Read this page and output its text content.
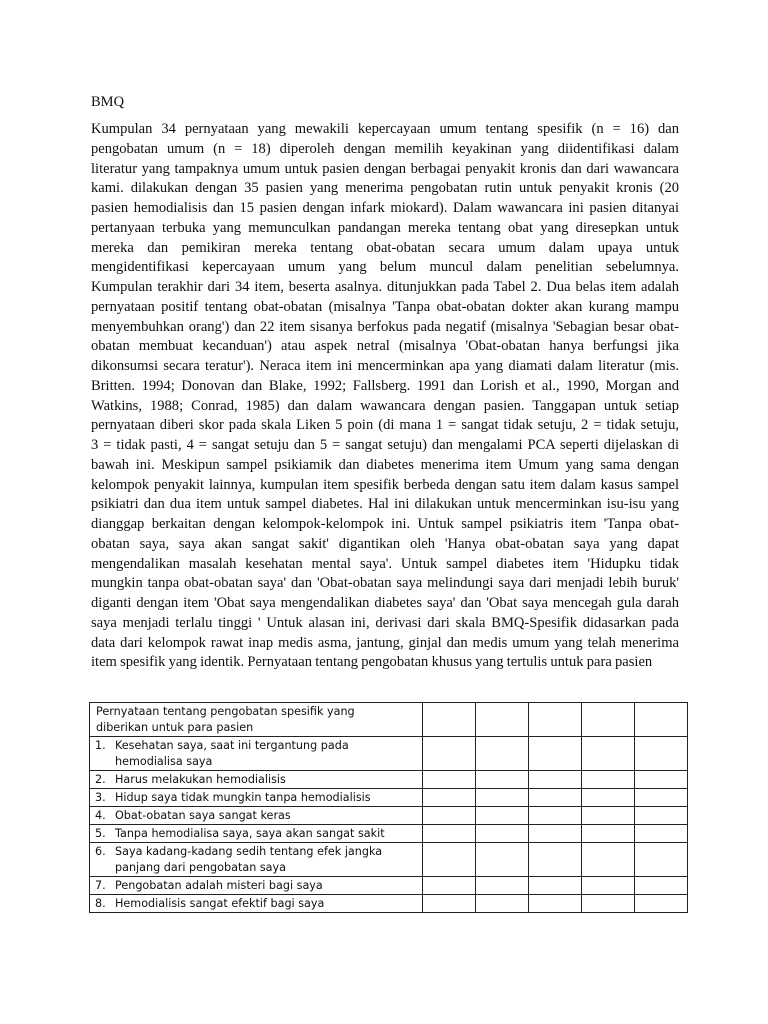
BMQ
Kumpulan 34 pernyataan yang mewakili kepercayaan umum tentang spesifik (n = 16) dan
pengobatan umum (n = 18) diperoleh dengan memilih keyakinan yang diidentifikasi dalam
literatur yang tampaknya umum untuk pasien dengan berbagai penyakit kronis dan dari wawancara
kami. dilakukan dengan 35 pasien yang menerima pengobatan rutin untuk penyakit kronis (20
pasien hemodialisis dan 15 pasien dengan infark miokard). Dalam wawancara ini pasien ditanyai
pertanyaan terbuka yang memunculkan pandangan mereka tentang obat yang diresepkan untuk
mereka dan pemikiran mereka tentang obat-obatan secara umum dalam upaya untuk
mengidentifikasi kepercayaan umum yang belum muncul dalam penelitian sebelumnya.
Kumpulan terakhir dari 34 item, beserta asalnya. ditunjukkan pada Tabel 2. Dua belas item adalah
pernyataan positif tentang obat-obatan (misalnya 'Tanpa obat-obatan dokter akan kurang mampu
menyembuhkan orang') dan 22 item sisanya berfokus pada negatif (misalnya 'Sebagian besar obat-
obatan membuat kecanduan') atau aspek netral (misalnya 'Obat-obatan hanya berfungsi jika
dikonsumsi secara teratur'). Neraca item ini mencerminkan apa yang diamati dalam literatur (mis.
Britten. 1994; Donovan dan Blake, 1992; Fallsberg. 1991 dan Lorish et al., 1990, Morgan and
Watkins, 1988; Conrad, 1985) dan dalam wawancara dengan pasien. Tanggapan untuk setiap
pernyataan diberi skor pada skala Liken 5 poin (di mana 1 = sangat tidak setuju, 2 = tidak setuju,
3 = tidak pasti, 4 = sangat setuju dan 5 = sangat setuju) dan mengalami PCA seperti dijelaskan di
bawah ini. Meskipun sampel psikiamik dan diabetes menerima item Umum yang sama dengan
kelompok penyakit lainnya, kumpulan item spesifik berbeda dengan satu item dalam kasus sampel
psikiatri dan dua item untuk sampel diabetes. Hal ini dilakukan untuk mencerminkan isu-isu yang
dianggap berkaitan dengan kelompok-kelompok ini. Untuk sampel psikiatris item 'Tanpa obat-
obatan saya, saya akan sangat sakit' digantikan oleh 'Hanya obat-obatan saya yang dapat
mengendalikan masalah kesehatan mental saya'. Untuk sampel diabetes item 'Hidupku tidak
mungkin tanpa obat-obatan saya' dan 'Obat-obatan saya melindungi saya dari menjadi lebih buruk'
diganti dengan item 'Obat saya mengendalikan diabetes saya' dan 'Obat saya mencegah gula darah
saya menjadi terlalu tinggi ' Untuk alasan ini, derivasi dari skala BMQ-Spesifik didasarkan pada
data dari kelompok rawat inap medis asma, jantung, ginjal dan medis umum yang telah menerima
item spesifik yang identik. Pernyataan tentang pengobatan khusus yang tertulis untuk para pasien
Pernyataan tentang pengobatan spesifik yang
diberikan untuk para pasien					

1. Kesehatan saya, saat ini tergantung pada
hemodialisa saya					

2. Harus melakukan hemodialisis					

3. Hidup saya tidak mungkin tanpa hemodialisis					

4. Obat-obatan saya sangat keras					

5. Tanpa hemodialisa saya, saya akan sangat sakit					

6. Saya kadang-kadang sedih tentang efek jangka
panjang dari pengobatan saya					

7. Pengobatan adalah misteri bagi saya					

8. Hemodialisis sangat efektif bagi saya					
